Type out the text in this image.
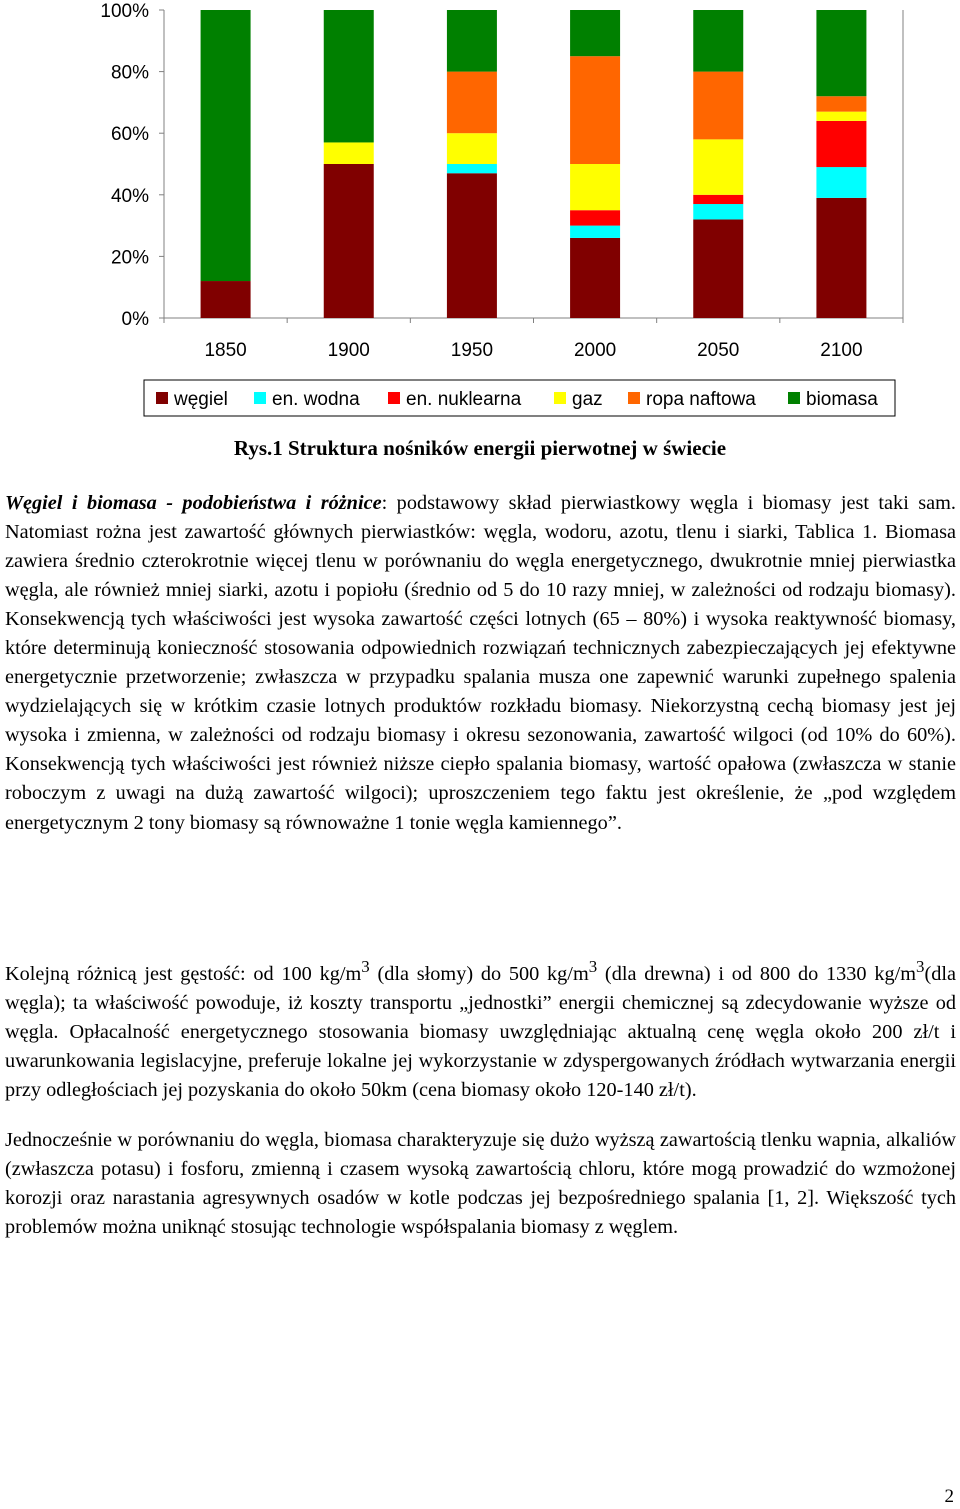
100%
80%
60%
40%
20%
0%
1850	1900	1950	2000	2050	2100
węgiel en. wodna en. nuklearna	gaz ropa naftowa	biomasa
Rys.1 Struktura nośników energii pierwotnej w świecie
Węgiel i biomasa - podobieństwa i różnice: podstawowy skład pierwiastkowy węgla i biomasy jest taki sam. Natomiast rożna jest zawartość głównych pierwiastków: węgla, wodoru, azotu, tlenu i siarki, Tablica 1. Biomasa zawiera średnio czterokrotnie więcej tlenu w porównaniu do węgla energetycznego, dwukrotnie mniej pierwiastka węgla, ale również mniej siarki, azotu i popiołu (średnio od 5 do 10 razy mniej, w zależności od rodzaju biomasy). Konsekwencją tych właściwości jest wysoka zawartość części lotnych (65 – 80%) i wysoka reaktywność biomasy, które determinują konieczność stosowania odpowiednich rozwiązań technicznych zabezpieczających jej efektywne energetycznie przetworzenie; zwłaszcza w przypadku spalania musza one zapewnić warunki zupełnego spalenia wydzielających się w krótkim czasie lotnych produktów rozkładu biomasy. Niekorzystną cechą biomasy jest jej wysoka i zmienna, w zależności od rodzaju biomasy i okresu sezonowania, zawartość wilgoci (od 10% do 60%). Konsekwencją tych właściwości jest również niższe ciepło spalania biomasy, wartość opałowa (zwłaszcza w stanie roboczym z uwagi na dużą zawartość wilgoci); uproszczeniem tego faktu jest określenie, że „pod względem energetycznym 2 tony biomasy są równoważne 1 tonie węgla kamiennego”.
Kolejną różnicą jest gęstość: od 100 $kg/m^3$ (dla słomy) do 500 $kg/m^3$ (dla drewna) i od 800 do 1330 $kg/m^3(dla$ węgla); ta właściwość powoduje, iż koszty transportu „jednostki” energii chemicznej są zdecydowanie wyższe od węgla. Opłacalność energetycznego stosowania biomasy uwzględniając aktualną cenę węgla około 200 zł/t i uwarunkowania legislacyjne, preferuje lokalne jej wykorzystanie w zdyspergowanych źródłach wytwarzania energii przy odległościach jej pozyskania do około 50km (cena biomasy około 120-140 zł/t).
Jednocześnie w porównaniu do węgla, biomasa charakteryzuje się dużo wyższą zawartością tlenku wapnia, alkaliów (zwłaszcza potasu) i fosforu, zmienną i czasem wysoką zawartością chloru, które mogą prowadzić do wzmożonej korozji oraz narastania agresywnych osadów w kotle podczas jej bezpośredniego spalania [1, 2]. Większość tych problemów można uniknąć stosując technologie współspalania biomasy z węglem.
2
